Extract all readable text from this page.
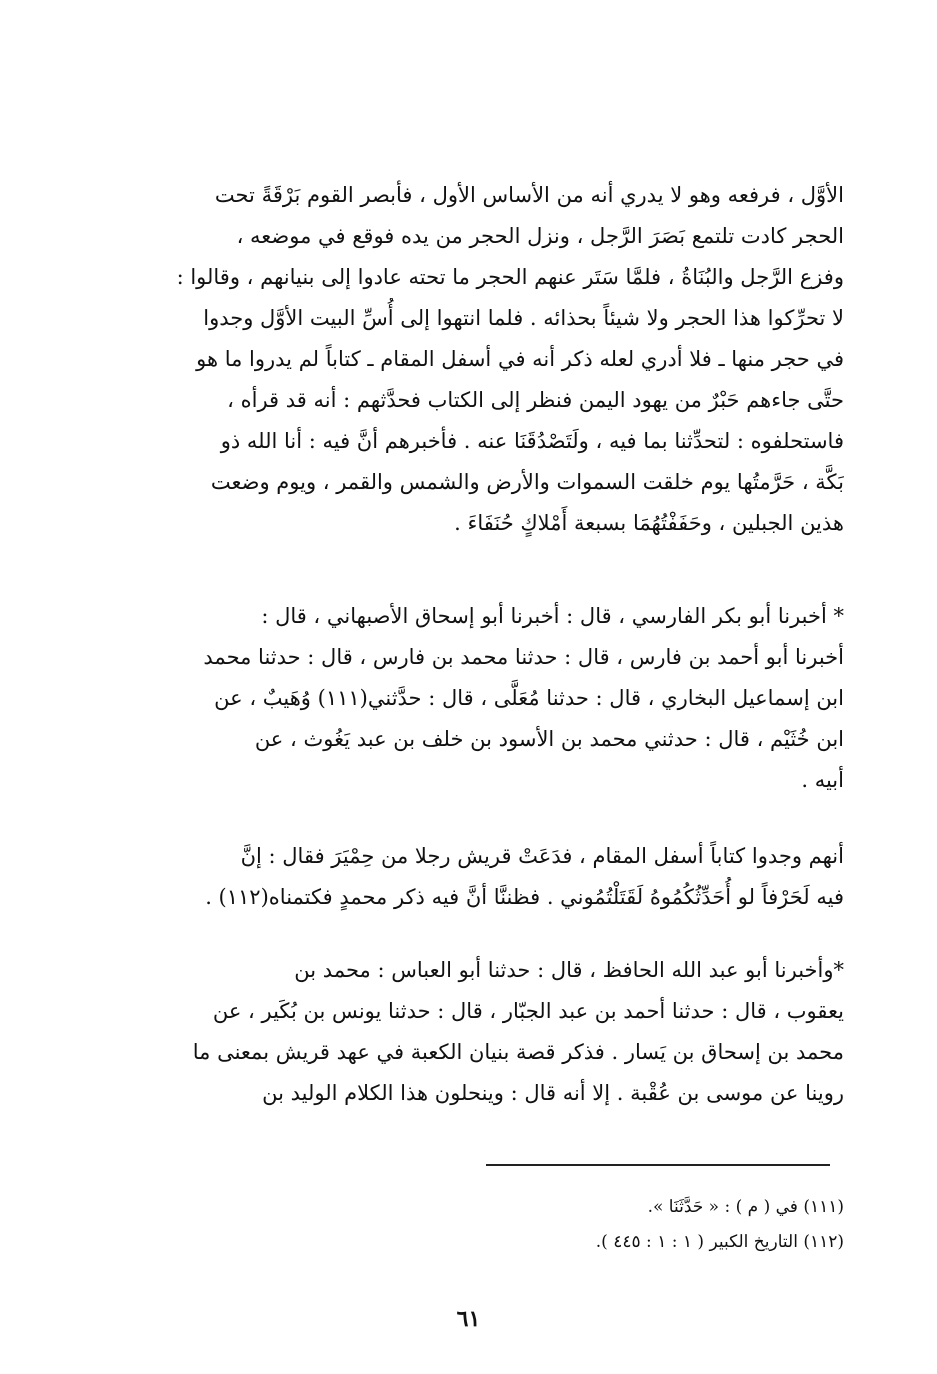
الأوَّل ، فرفعه وهو لا يدري أنه من الأساس الأول ، فأبصر القوم بَرْقَةً تحت
الحجر كادت تلتمع بَصَرَ الرَّجل ، ونزل الحجر من يده فوقع في موضعه ،
وفزع الرَّجل والبُنَاةُ ، فلمَّا سَتَر عنهم الحجر ما تحته عادوا إلى بنيانهم ، وقالوا :
لا تحرِّكوا هذا الحجر ولا شيئاً بحذائه . فلما انتهوا إلى أُسِّ البيت الأوَّل وجدوا
في حجر منها ـ فلا أدري لعله ذكر أنه في أسفل المقام ـ كتاباً لم يدروا ما هو
حتَّى جاءهم حَبْرٌ من يهود اليمن فنظر إلى الكتاب فحدَّثهم : أنه قد قرأه ،
فاستحلفوه : لتحدِّثنا بما فيه ، ولَتَصْدُقَنَا عنه . فأخبرهم أنَّ فيه : أنا الله ذو
بَكَّة ، حَرَّمتُها يوم خلقت السموات والأرض والشمس والقمر ، ويوم وضعت
هذين الجبلين ، وحَفَفْتُهُمَا بسبعة أَمْلاكٍ حُنَفَاءَ .
* أخبرنا أبو بكر الفارسي ، قال : أخبرنا أبو إسحاق الأصبهاني ، قال :
أخبرنا أبو أحمد بن فارس ، قال : حدثنا محمد بن فارس ، قال : حدثنا محمد
ابن إسماعيل البخاري ، قال : حدثنا مُعَلَّى ، قال : حدَّثني(١١١) وُهَيبٌ ، عن
ابن خُثَيْم ، قال : حدثني محمد بن الأسود بن خلف بن عبد يَغُوث ، عن
أبيه .
أنهم وجدوا كتاباً أسفل المقام ، فدَعَتْ قريش رجلا من حِمْيَرَ فقال : إنَّ
فيه لَحَرْفاً لو أُحَدِّثُكُمُوهُ لَقَتَلْتُمُوني . فظننَّا أنَّ فيه ذكر محمدٍ فكتمناه(١١٢) .
*وأخبرنا أبو عبد الله الحافظ ، قال : حدثنا أبو العباس : محمد بن
يعقوب ، قال : حدثنا أحمد بن عبد الجبّار ، قال : حدثنا يونس بن بُكَير ، عن
محمد بن إسحاق بن يَسار . فذكر قصة بنيان الكعبة في عهد قريش بمعنى ما
روينا عن موسى بن عُقْبة . إلا أنه قال : وينحلون هذا الكلام الوليد بن
(١١١) في ( م ) : « حَدَّثَنَا ».
(١١٢) التاريخ الكبير ( ١ : ١ : ٤٤٥ ).
٦١
